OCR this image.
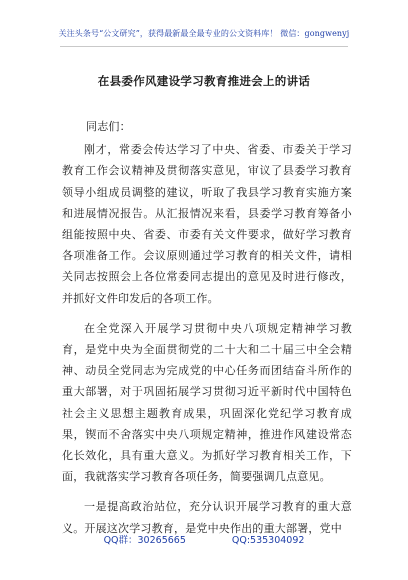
关注头条号“公文研究”，获得最新最全最专业的公文资料库！ 微信：gongwenyj
在县委作风建设学习教育推进会上的讲话

同志们：

刚才，常委会传达学习了中央、省委、市委关于学习教育工作会议精神及贯彻落实意见，审议了县委学习教育领导小组成员调整的建议，听取了我县学习教育实施方案和进展情况报告。从汇报情况来看，县委学习教育筹备小组能按照中央、省委、市委有关文件要求，做好学习教育各项准备工作。会议原则通过学习教育的相关文件，请相关同志按照会上各位常委同志提出的意见及时进行修改，并抓好文件印发后的各项工作。

在全党深入开展学习贯彻中央八项规定精神学习教育，是党中央为全面贯彻党的二十大和二十届三中全会精神、动员全党同志为完成党的中心任务而团结奋斗所作的重大部署，对于巩固拓展学习贯彻习近平新时代中国特色社会主义思想主题教育成果，巩固深化党纪学习教育成果，锲而不舍落实中央八项规定精神，推进作风建设常态化长效化，具有重大意义。为抓好学习教育相关工作，下面，我就落实学习教育各项任务，简要强调几点意见。

一是提高政治站位，充分认识开展学习教育的重大意义。开展这次学习教育，是党中央作出的重大部署，党中

QQ群：30265665	QQ:535304092
